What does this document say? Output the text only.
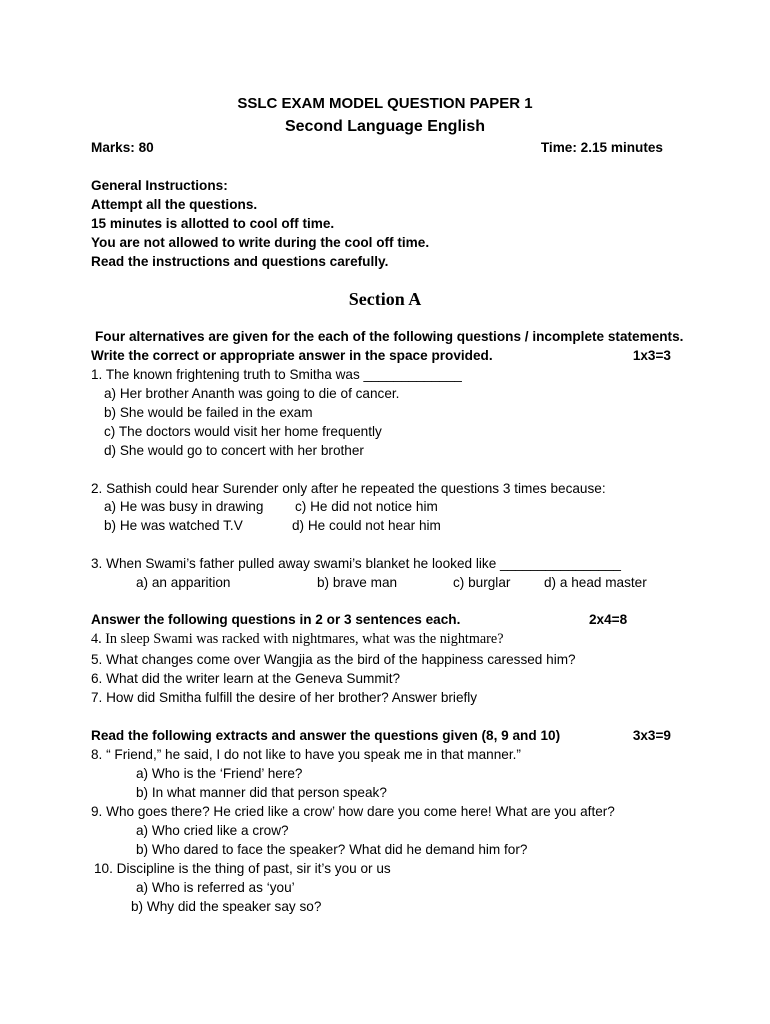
SSLC EXAM MODEL QUESTION PAPER 1
Second Language English
Marks: 80	Time: 2.15 minutes
General Instructions:
Attempt all the questions.
15 minutes is allotted to cool off time.
You are not allowed to write during the cool off time.
Read the instructions and questions carefully.
Section A
Four alternatives are given for the each of the following questions / incomplete statements.
Write the correct or appropriate answer in the space provided.	1x3=3
1. The known frightening truth to Smitha was _____________
a) Her brother Ananth was going to die of cancer.
b) She would be failed in the exam
c) The doctors would visit her home frequently
d) She would go to concert with her brother
2. Sathish could hear Surender only after he repeated the questions 3 times because:
a) He was busy in drawing c) He did not notice him
b) He was watched T.V	d) He could not hear him
3. When Swami’s father pulled away swami’s blanket he looked like ________________
a) an apparition	b) brave man	c) burglar d) a head master
Answer the following questions in 2 or 3 sentences each.	2x4=8
4. In sleep Swami was racked with nightmares, what was the nightmare?
5. What changes come over Wangjia as the bird of the happiness caressed him?
6. What did the writer learn at the Geneva Summit?
7. How did Smitha fulfill the desire of her brother? Answer briefly
Read the following extracts and answer the questions given (8, 9 and 10)	3x3=9
8. “ Friend,” he said, I do not like to have you speak me in that manner.”
a) Who is the ‘Friend’ here?
b) In what manner did that person speak?
9. Who goes there? He cried like a crow’ how dare you come here! What are you after?
a) Who cried like a crow?
b) Who dared to face the speaker? What did he demand him for?
10. Discipline is the thing of past, sir it’s you or us
a) Who is referred as ‘you’
b) Why did the speaker say so?
